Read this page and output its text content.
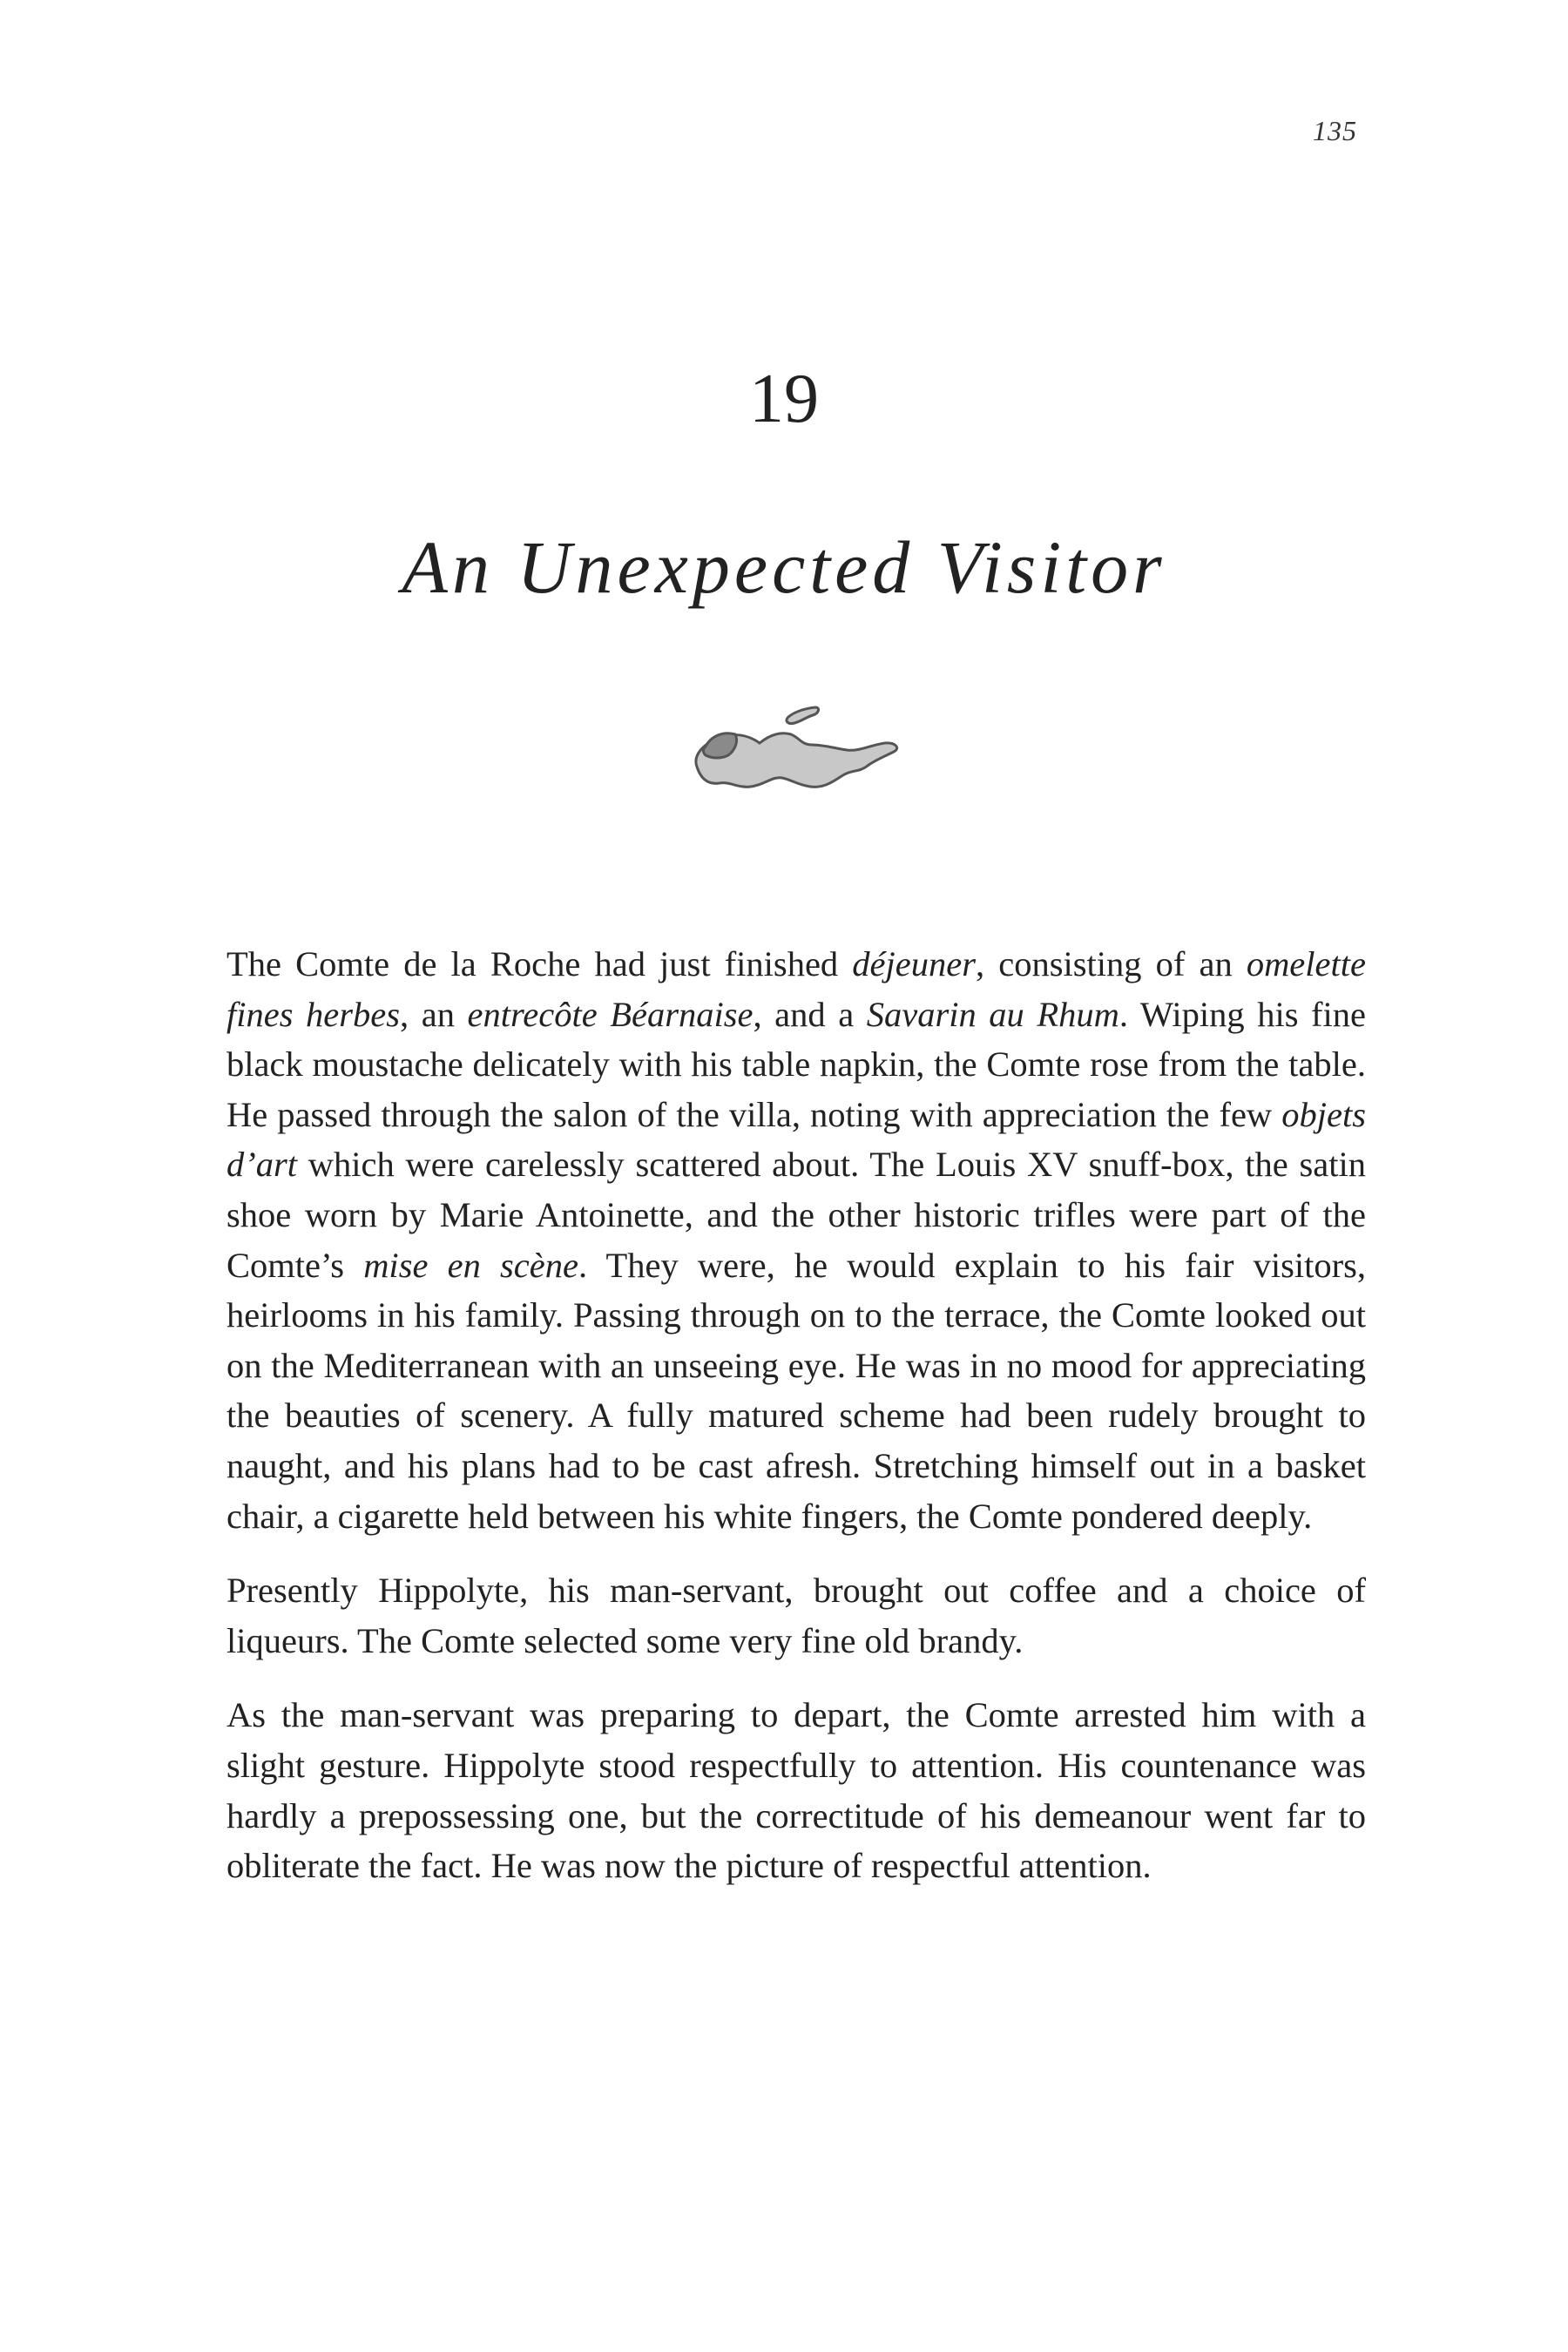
135
19
An Unexpected Visitor

The Comte de la Roche had just finished déjeuner, consisting of an omelette fines herbes, an entrecôte Béarnaise, and a Savarin au Rhum. Wiping his fine black moustache delicately with his table napkin, the Comte rose from the table. He passed through the salon of the villa, noting with appreciation the few objets d’art which were carelessly scattered about. The Louis XV snuff-box, the satin shoe worn by Marie Antoinette, and the other historic trifles were part of the Comte’s mise en scène. They were, he would explain to his fair visitors, heirlooms in his family. Passing through on to the terrace, the Comte looked out on the Mediterranean with an unseeing eye. He was in no mood for appreciating the beauties of scenery. A fully matured scheme had been rudely brought to naught, and his plans had to be cast afresh. Stretching himself out in a basket chair, a cigarette held between his white fingers, the Comte pondered deeply.

Presently Hippolyte, his man-servant, brought out coffee and a choice of liqueurs. The Comte selected some very fine old brandy.

As the man-servant was preparing to depart, the Comte arrested him with a slight gesture. Hippolyte stood respectfully to attention. His countenance was hardly a prepossessing one, but the correctitude of his demeanour went far to obliterate the fact. He was now the picture of respectful attention.
